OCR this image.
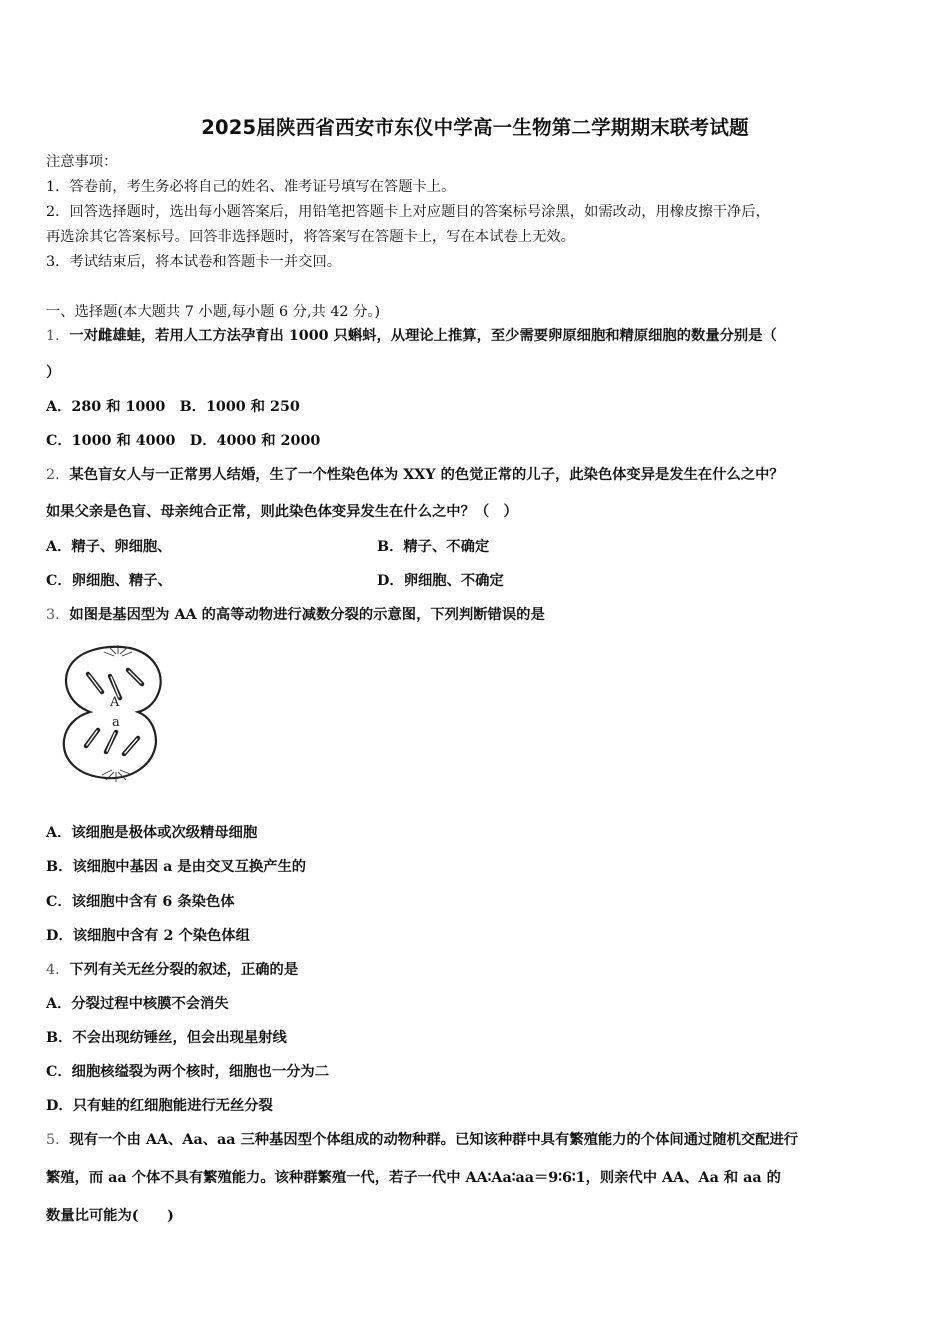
2025届陕西省西安市东仪中学高一生物第二学期期末联考试题
注意事项：
1．答卷前，考生务必将自己的姓名、准考证号填写在答题卡上。
2．回答选择题时，选出每小题答案后，用铅笔把答题卡上对应题目的答案标号涂黑，如需改动，用橡皮擦干净后，
再选涂其它答案标号。回答非选择题时，将答案写在答题卡上，写在本试卷上无效。
3．考试结束后，将本试卷和答题卡一并交回。
一、选择题(本大题共 7 小题,每小题 6 分,共 42 分。)
1．一对雌雄蛙，若用人工方法孕育出 1000 只蝌蚪，从理论上推算，至少需要卵原细胞和精原细胞的数量分别是（
）
A．280 和 1000　B．1000 和 250
C．1000 和 4000　D．4000 和 2000
2．某色盲女人与一正常男人结婚，生了一个性染色体为 XXY 的色觉正常的儿子，此染色体变异是发生在什么之中？
如果父亲是色盲、母亲纯合正常，则此染色体变异发生在什么之中？（　）
A．精子、卵细胞、	B．精子、不确定
C．卵细胞、精子、	D．卵细胞、不确定
3．如图是基因型为 AA 的高等动物进行减数分裂的示意图，下列判断错误的是
A
a
A．该细胞是极体或次级精母细胞
B．该细胞中基因 a 是由交叉互换产生的
C．该细胞中含有 6 条染色体
D．该细胞中含有 2 个染色体组
4．下列有关无丝分裂的叙述，正确的是
A．分裂过程中核膜不会消失
B．不会出现纺锤丝，但会出现星射线
C．细胞核缢裂为两个核时，细胞也一分为二
D．只有蛙的红细胞能进行无丝分裂
5．现有一个由 AA、Aa、aa 三种基因型个体组成的动物种群。已知该种群中具有繁殖能力的个体间通过随机交配进行
繁殖，而 aa 个体不具有繁殖能力。该种群繁殖一代，若子一代中 AA∶Aa∶aa＝9∶6∶1，则亲代中 AA、Aa 和 aa 的
数量比可能为(　　)
